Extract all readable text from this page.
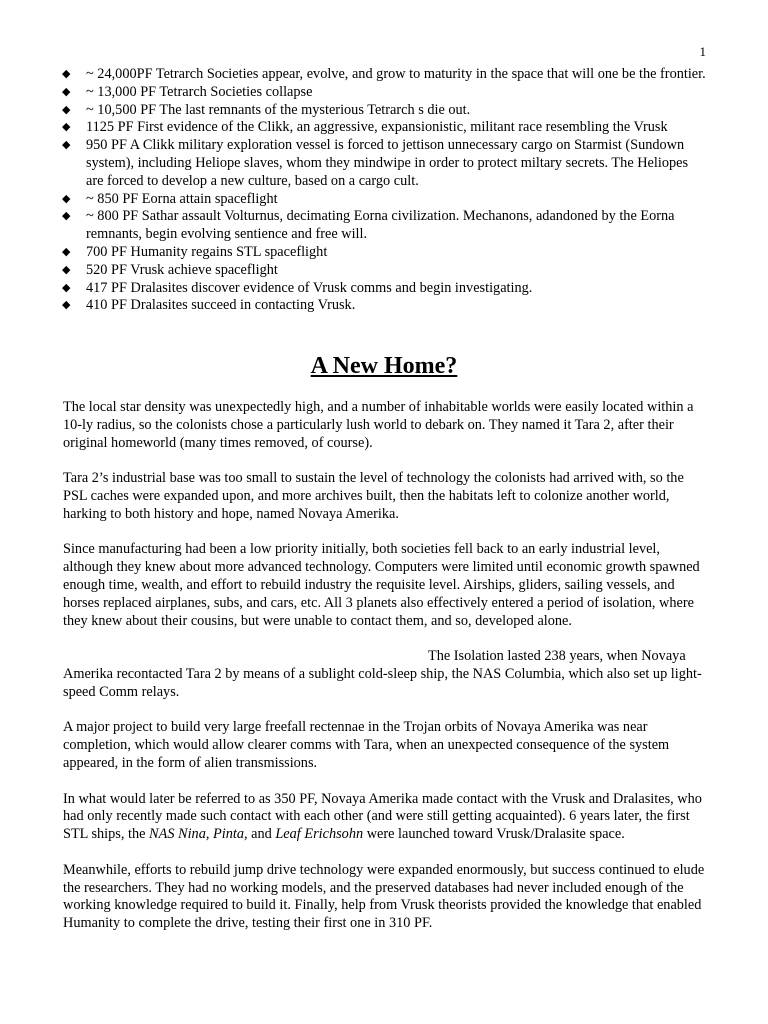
1
◆ ~ 24,000PF Tetrarch Societies appear, evolve, and grow to maturity in the space that will one be the frontier.
◆ ~ 13,000 PF Tetrarch Societies collapse
◆ ~ 10,500 PF The last remnants of the mysterious Tetrarch s die out.
◆ 1125 PF First evidence of the Clikk, an aggressive, expansionistic, militant race resembling the Vrusk
◆ 950 PF A Clikk military exploration vessel is forced to jettison unnecessary cargo on Starmist (Sundown system), including Heliope slaves, whom they mindwipe in order to protect miltary secrets. The Heliopes are forced to develop a new culture, based on a cargo cult.
◆ ~ 850 PF Eorna attain spaceflight
◆ ~ 800 PF Sathar assault Volturnus, decimating Eorna civilization. Mechanons, adandoned by the Eorna remnants, begin evolving sentience and free will.
◆ 700 PF Humanity regains STL spaceflight
◆ 520 PF Vrusk achieve spaceflight
◆ 417 PF Dralasites discover evidence of Vrusk comms and begin investigating.
◆ 410 PF Dralasites succeed in contacting Vrusk.
A New Home?

The local star density was unexpectedly high, and a number of inhabitable worlds were easily located within a 10-ly radius, so the colonists chose a particularly lush world to debark on. They named it Tara 2, after their original homeworld (many times removed, of course).

Tara 2’s industrial base was too small to sustain the level of technology the colonists had arrived with, so the PSL caches were expanded upon, and more archives built, then the habitats left to colonize another world, harking to both history and hope, named Novaya Amerika.

Since manufacturing had been a low priority initially, both societies fell back to an early industrial level, although they knew about more advanced technology. Computers were limited until economic growth spawned enough time, wealth, and effort to rebuild industry the requisite level. Airships, gliders, sailing vessels, and horses replaced airplanes, subs, and cars, etc. All 3 planets also effectively entered a period of isolation, where they knew about their cousins, but were unable to contact them, and so, developed alone.

The Isolation lasted 238 years, when Novaya Amerika recontacted Tara 2 by means of a sublight cold-sleep ship, the NAS Columbia, which also set up light-speed Comm relays.

A major project to build very large freefall rectennae in the Trojan orbits of Novaya Amerika was near completion, which would allow clearer comms with Tara, when an unexpected consequence of the system appeared, in the form of alien transmissions.

In what would later be referred to as 350 PF, Novaya Amerika made contact with the Vrusk and Dralasites, who had only recently made such contact with each other (and were still getting acquainted). 6 years later, the first STL ships, the NAS Nina, Pinta, and Leaf Erichsohn were launched toward Vrusk/Dralasite space.

Meanwhile, efforts to rebuild jump drive technology were expanded enormously, but success continued to elude the researchers. They had no working models, and the preserved databases had never included enough of the working knowledge required to build it. Finally, help from Vrusk theorists provided the knowledge that enabled Humanity to complete the drive, testing their first one in 310 PF.
